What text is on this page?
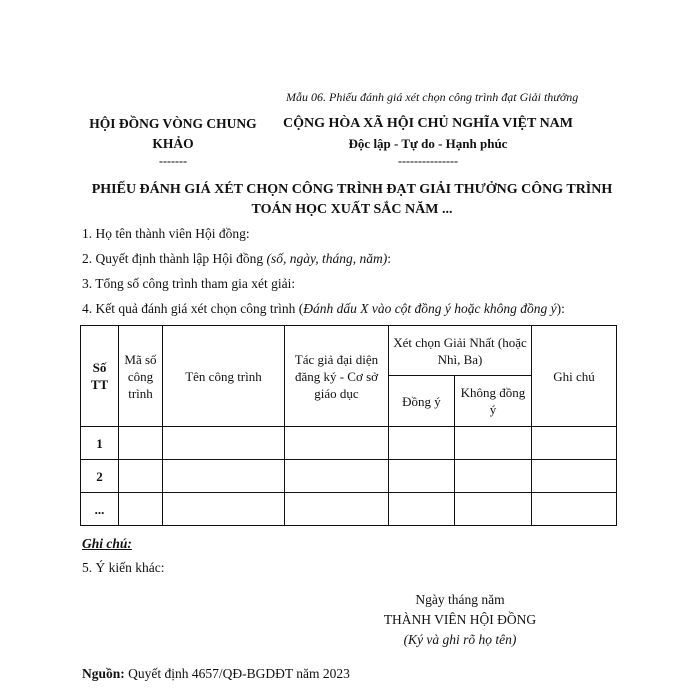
Mẫu 06. Phiếu đánh giá xét chọn công trình đạt Giải thưởng
HỘI ĐỒNG VÒNG CHUNG
KHẢO
-------
CỘNG HÒA XÃ HỘI CHỦ NGHĨA VIỆT NAM
Độc lập - Tự do - Hạnh phúc
---------------
PHIẾU ĐÁNH GIÁ XÉT CHỌN CÔNG TRÌNH ĐẠT GIẢI THƯỞNG CÔNG TRÌNH
TOÁN HỌC XUẤT SẮC NĂM ...
1. Họ tên thành viên Hội đồng:
2. Quyết định thành lập Hội đồng (số, ngày, tháng, năm):
3. Tổng số công trình tham gia xét giải:
4. Kết quả đánh giá xét chọn công trình (Đánh dấu X vào cột đồng ý hoặc không đồng ý):
Số TT	Mã số công trình	Tên công trình	Tác giả đại diện đăng ký - Cơ sở giáo dục	Xét chọn Giải Nhất (hoặc Nhì, Ba)		Ghi chú
				Đồng ý	Không đồng ý	
1						
2						
...						
Ghi chú:
5. Ý kiến khác:
Ngày tháng năm
THÀNH VIÊN HỘI ĐỒNG
(Ký và ghi rõ họ tên)
Nguồn: Quyết định 4657/QĐ-BGDĐT năm 2023
